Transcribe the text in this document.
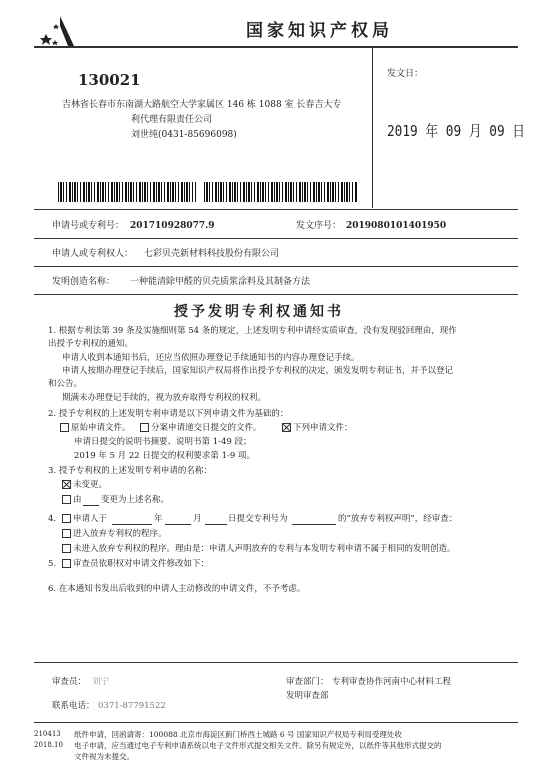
国家知识产权局
130021
吉林省长春市东南湖大路航空大学家属区 146 栋 1088 室 长春吉大专
利代理有限责任公司
刘世纯(0431-85696098)
发文日：
2019 年 09 月 09 日
申请号或专利号： 201710928077.9	发文序号： 2019080101401950
申请人或专利权人： 七彩贝壳新材料科技股份有限公司
发明创造名称： 一种能清除甲醛的贝壳质浆涂料及其制备方法
授予发明专利权通知书
1. 根据专利法第 39 条及实施细则第 54 条的规定，上述发明专利申请经实质审查，没有发现驳回理由，现作
出授予专利权的通知。
申请人收到本通知书后，还应当依照办理登记手续通知书的内容办理登记手续。
申请人按期办理登记手续后，国家知识产权局将作出授予专利权的决定，颁发发明专利证书，并予以登记
和公告。
期满未办理登记手续的，视为放弃取得专利权的权利。
2. 授予专利权的上述发明专利申请是以下列申请文件为基础的：
原始申请文件。 分案申请递交日提交的文件。	下列申请文件：
申请日提交的说明书摘要、说明书第 1-49 段；
2019 年 5 月 22 日提交的权利要求第 1-9 项。
3. 授予专利权的上述发明专利申请的名称：
未变更。
由 变更为上述名称。
4. 申请人于	年	月	日提交专利号为	的“放弃专利权声明”，经审查：
进入放弃专利权的程序。
未进入放弃专利权的程序。理由是：申请人声明放弃的专利与本发明专利申请不属于相同的发明创造。
5. 审查员依职权对申请文件修改如下：
6. 在本通知书发出后收到的申请人主动修改的申请文件，不予考虑。
审查员： 刘宁	审查部门： 专利审查协作河南中心材料工程
发明审查部
联系电话： 0371-87791522
210413
2018.10
纸件申请，回函请寄：100088 北京市海淀区蓟门桥西土城路 6 号 国家知识产权局专利局受理处收
电子申请，应当通过电子专利申请系统以电子文件形式提交相关文件。除另有规定外，以纸件等其他形式提交的
文件视为未提交。
